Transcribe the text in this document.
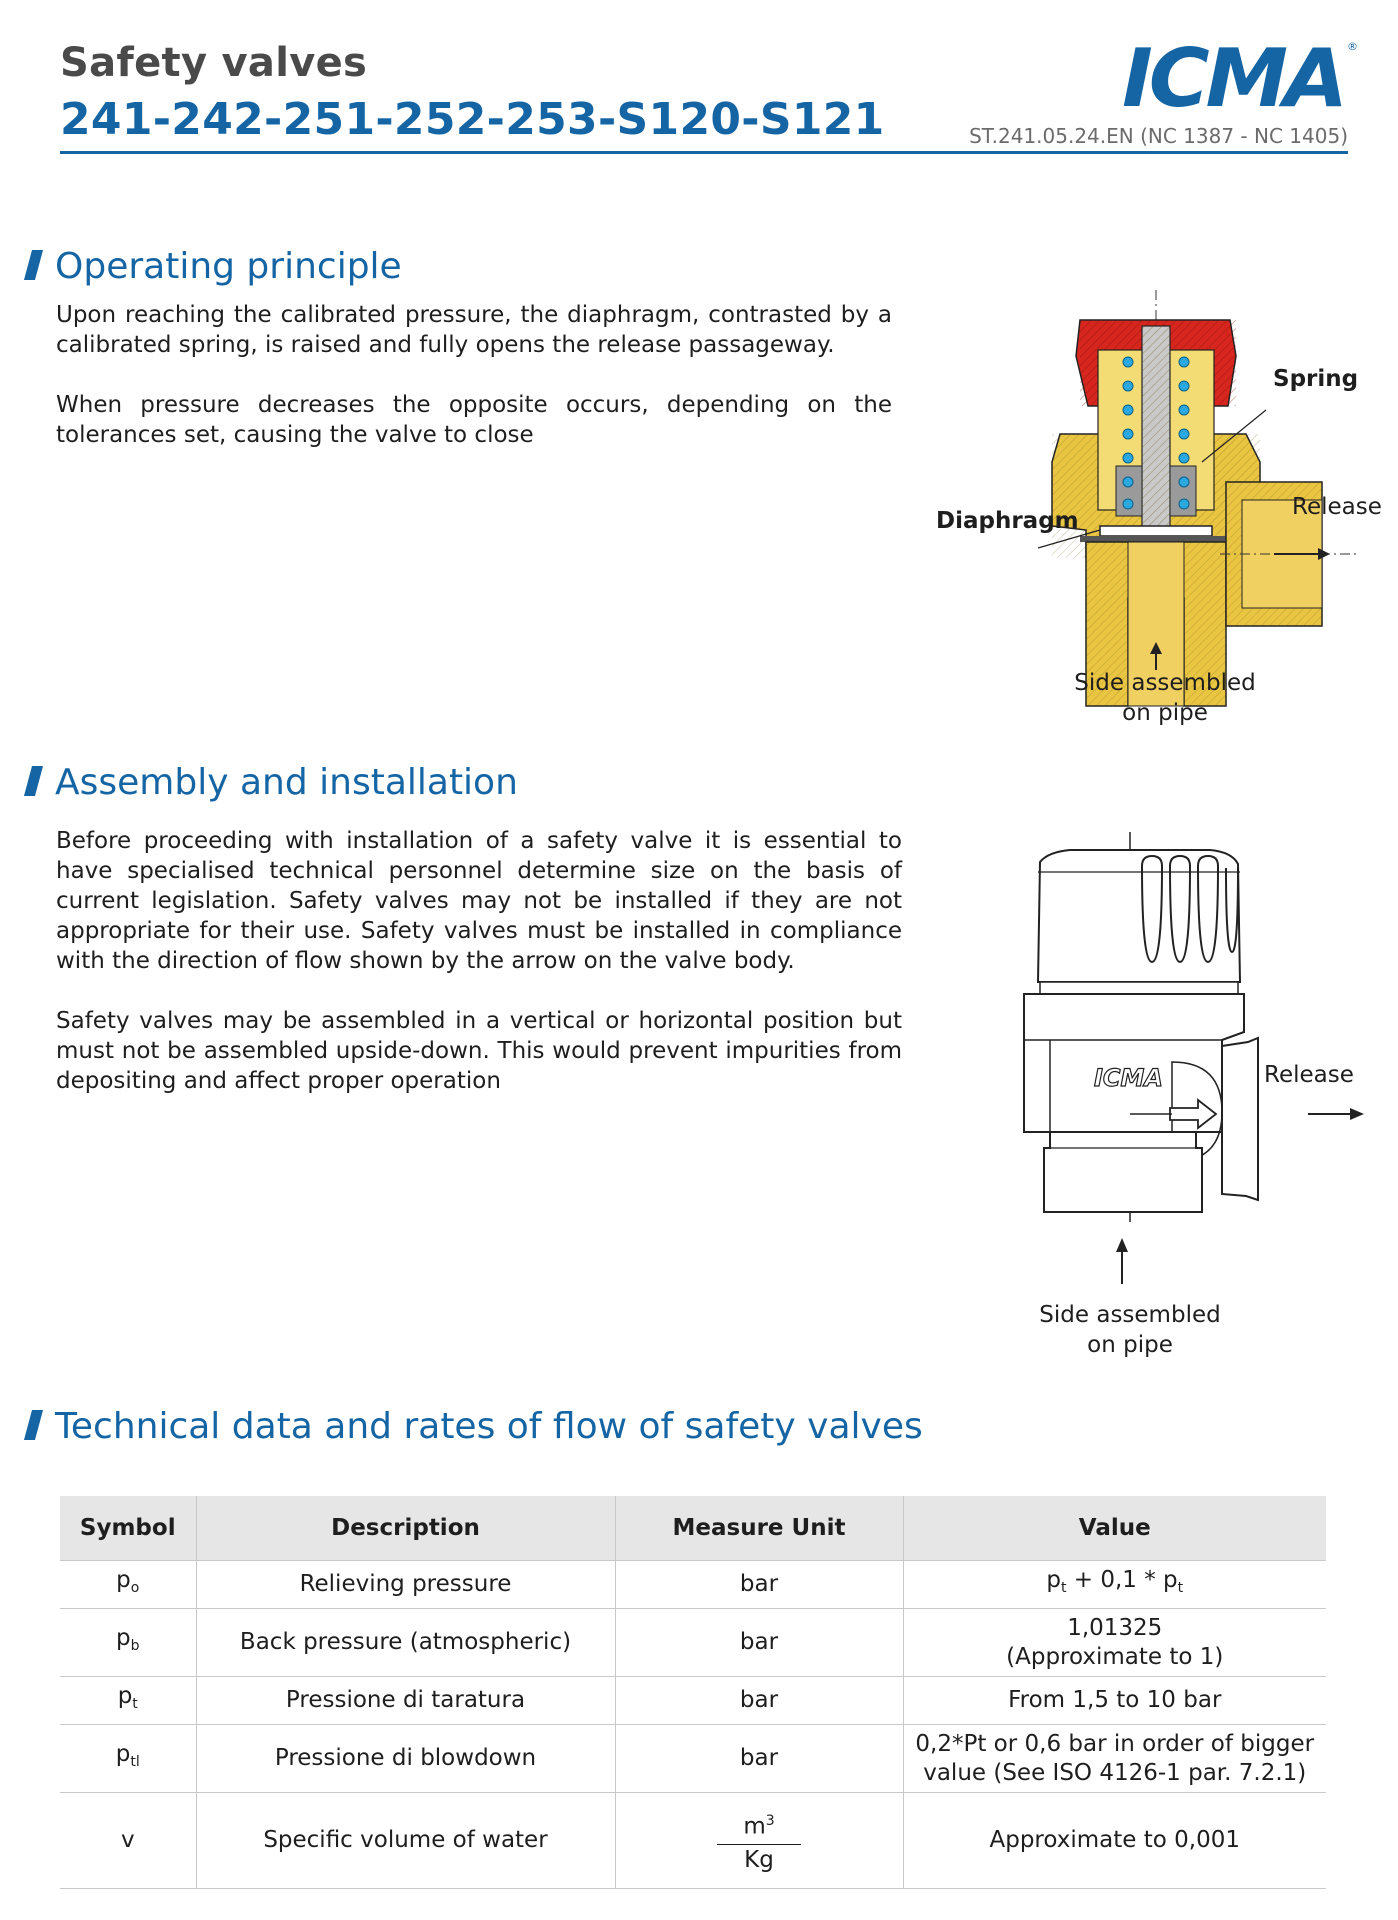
Safety valves
241-242-251-252-253-S120-S121	ICMA ®
ST.241.05.24.EN (NC 1387 - NC 1405)
Operating principle
Upon reaching the calibrated pressure, the diaphragm, contrasted by a calibrated spring, is raised and fully opens the release passageway.
When pressure decreases the opposite occurs, depending on the tolerances set, causing the valve to close
Spring
Diaphragm
Release
Side assembled
on pipe
Assembly and installation
Before proceeding with installation of a safety valve it is essential to have specialised technical personnel determine size on the basis of current legislation. Safety valves may not be installed if they are not appropriate for their use. Safety valves must be installed in compliance with the direction of flow shown by the arrow on the valve body.
Safety valves may be assembled in a vertical or horizontal position but must not be assembled upside-down. This would prevent impurities from depositing and affect proper operation	ICMA	Release
Side assembled
on pipe
Technical data and rates of flow of safety valves
Symbol	Description	Measure Unit	Value
$p_o$	Relieving pressure	bar	$p_t + 0,1 * p_t$
$p_b$	Back pressure (atmospheric)	bar	1,01325
(Approximate to 1)

$p_t$	Pressione di taratura	bar	From 1,5 to 10 bar
$p_{tl}$	Pressione di blowdown	bar	0,2*Pt or 0,6 bar in order of bigger
value (See ISO 4126-1 par. 7.2.1)

v	Specific volume of water	$\frac{m^3}{Kg}$	Approximate to 0,001
